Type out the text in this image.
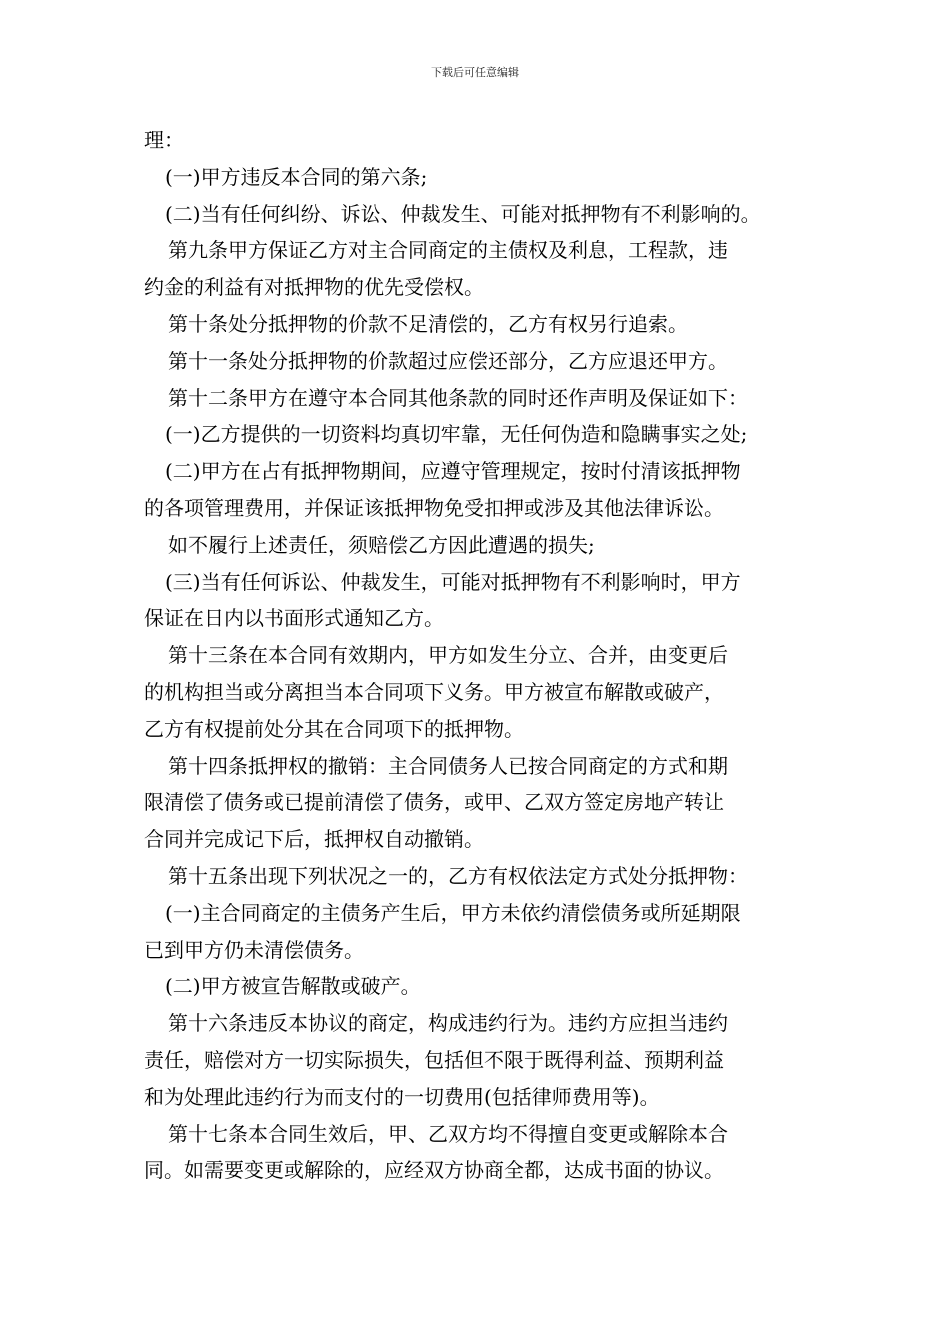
下载后可任意编辑
理：
(一)甲方违反本合同的第六条;
(二)当有任何纠纷、诉讼、仲裁发生、可能对抵押物有不利影响的。
第九条甲方保证乙方对主合同商定的主债权及利息，工程款，违
约金的利益有对抵押物的优先受偿权。
第十条处分抵押物的价款不足清偿的，乙方有权另行追索。
第十一条处分抵押物的价款超过应偿还部分，乙方应退还甲方。
第十二条甲方在遵守本合同其他条款的同时还作声明及保证如下：
(一)乙方提供的一切资料均真切牢靠，无任何伪造和隐瞒事实之处;
(二)甲方在占有抵押物期间，应遵守管理规定，按时付清该抵押物
的各项管理费用，并保证该抵押物免受扣押或涉及其他法律诉讼。
如不履行上述责任，须赔偿乙方因此遭遇的损失;
(三)当有任何诉讼、仲裁发生，可能对抵押物有不利影响时，甲方
保证在日内以书面形式通知乙方。
第十三条在本合同有效期内，甲方如发生分立、合并，由变更后
的机构担当或分离担当本合同项下义务。甲方被宣布解散或破产，
乙方有权提前处分其在合同项下的抵押物。
第十四条抵押权的撤销：主合同债务人已按合同商定的方式和期
限清偿了债务或已提前清偿了债务，或甲、乙双方签定房地产转让
合同并完成记下后，抵押权自动撤销。
第十五条出现下列状况之一的，乙方有权依法定方式处分抵押物：
(一)主合同商定的主债务产生后，甲方未依约清偿债务或所延期限
已到甲方仍未清偿债务。
(二)甲方被宣告解散或破产。
第十六条违反本协议的商定，构成违约行为。违约方应担当违约
责任，赔偿对方一切实际损失，包括但不限于既得利益、预期利益
和为处理此违约行为而支付的一切费用(包括律师费用等)。
第十七条本合同生效后，甲、乙双方均不得擅自变更或解除本合
同。如需要变更或解除的，应经双方协商全都，达成书面的协议。
